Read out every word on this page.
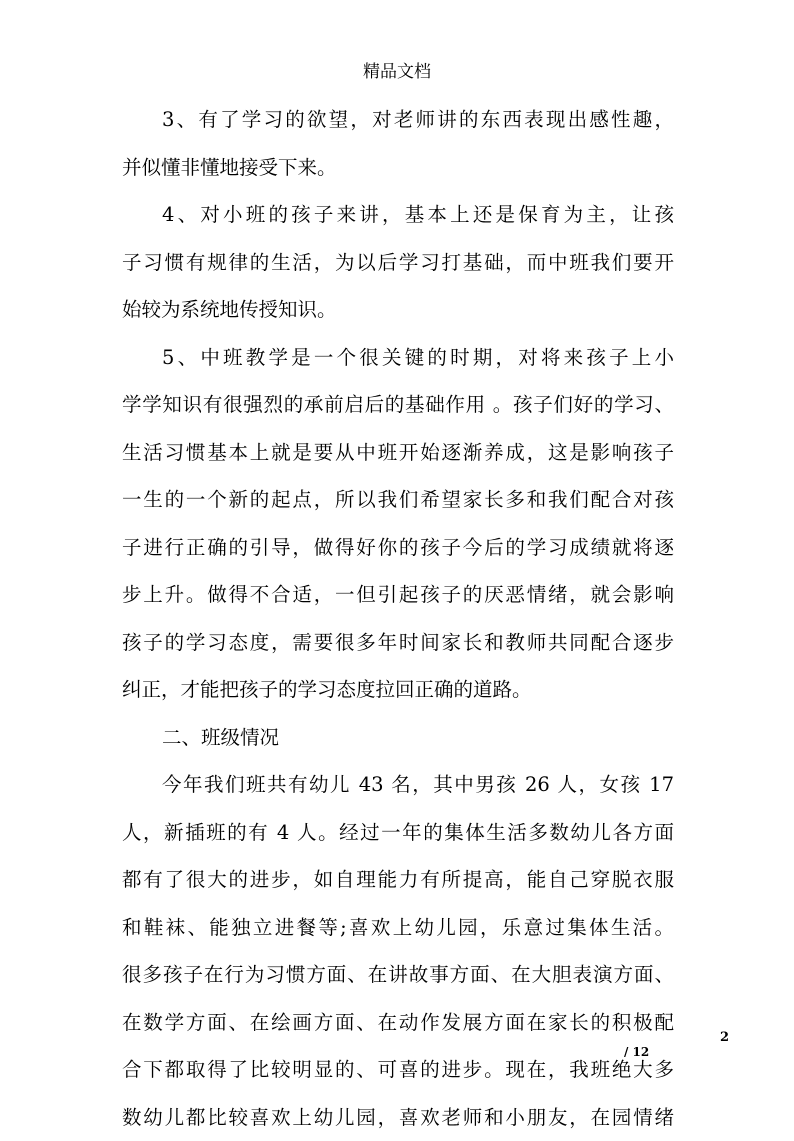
精品文档
3、有了学习的欲望，对老师讲的东西表现出感性趣，
并似懂非懂地接受下来。
4、对小班的孩子来讲，基本上还是保育为主，让孩
子习惯有规律的生活，为以后学习打基础，而中班我们要开
始较为系统地传授知识。
5、中班教学是一个很关键的时期，对将来孩子上小
学学知识有很强烈的承前启后的基础作用 。孩子们好的学习、
生活习惯基本上就是要从中班开始逐渐养成，这是影响孩子
一生的一个新的起点，所以我们希望家长多和我们配合对孩
子进行正确的引导，做得好你的孩子今后的学习成绩就将逐
步上升。做得不合适，一但引起孩子的厌恶情绪，就会影响
孩子的学习态度，需要很多年时间家长和教师共同配合逐步
纠正，才能把孩子的学习态度拉回正确的道路。
二、班级情况
今年我们班共有幼儿 43 名，其中男孩 26 人，女孩 17
人，新插班的有 4 人。经过一年的集体生活多数幼儿各方面
都有了很大的进步，如自理能力有所提高，能自己穿脱衣服
和鞋袜、能独立进餐等;喜欢上幼儿园，乐意过集体生活。
很多孩子在行为习惯方面、在讲故事方面、在大胆表演方面、
在数学方面、在绘画方面、在动作发展方面在家长的积极配
合下都取得了比较明显的、可喜的进步。现在，我班绝大多
数幼儿都比较喜欢上幼儿园，喜欢老师和小朋友，在园情绪
2
/ 12
